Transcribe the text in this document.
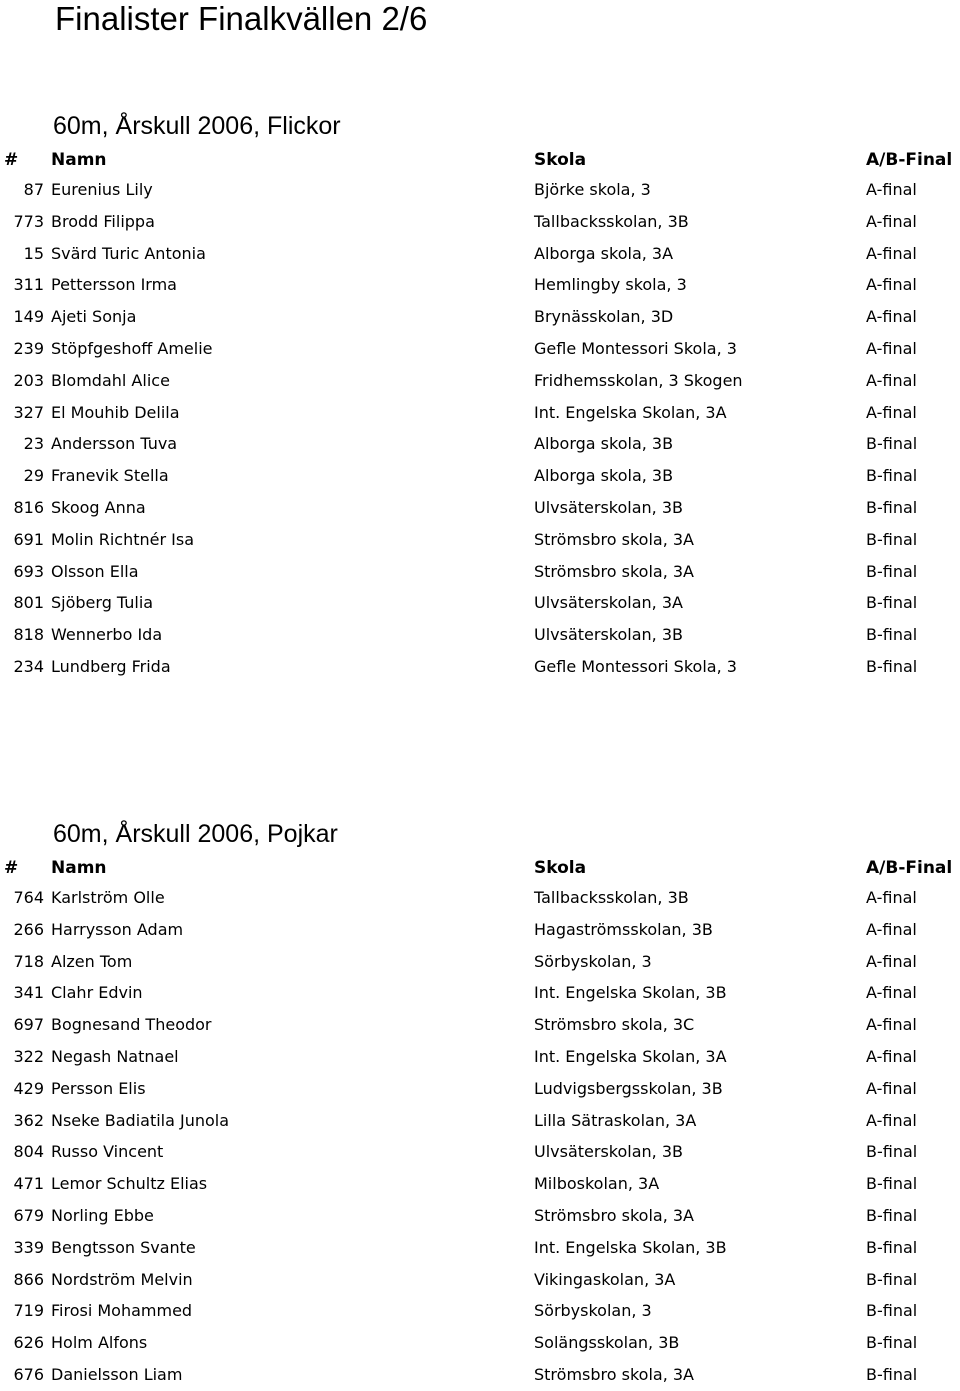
Finalister Finalkvällen 2/6
60m, Årskull 2006, Flickor
# Namn	Skola	A/B-Final
87 Eurenius Lily	Björke skola, 3	A-final
773 Brodd Filippa	Tallbacksskolan, 3B	A-final
15 Svärd Turic Antonia	Alborga skola, 3A	A-final
311 Pettersson Irma	Hemlingby skola, 3	A-final
149 Ajeti Sonja	Brynässkolan, 3D	A-final
239 Stöpfgeshoff Amelie	Gefle Montessori Skola, 3	A-final
203 Blomdahl Alice	Fridhemsskolan, 3 Skogen	A-final
327 El Mouhib Delila	Int. Engelska Skolan, 3A	A-final
23 Andersson Tuva	Alborga skola, 3B	B-final
29 Franevik Stella	Alborga skola, 3B	B-final
816 Skoog Anna	Ulvsäterskolan, 3B	B-final
691 Molin Richtnér Isa	Strömsbro skola, 3A	B-final
693 Olsson Ella	Strömsbro skola, 3A	B-final
801 Sjöberg Tulia	Ulvsäterskolan, 3A	B-final
818 Wennerbo Ida	Ulvsäterskolan, 3B	B-final
234 Lundberg Frida	Gefle Montessori Skola, 3	B-final
60m, Årskull 2006, Pojkar
# Namn	Skola	A/B-Final
764 Karlström Olle	Tallbacksskolan, 3B	A-final
266 Harrysson Adam	Hagaströmsskolan, 3B	A-final
718 Alzen Tom	Sörbyskolan, 3	A-final
341 Clahr Edvin	Int. Engelska Skolan, 3B	A-final
697 Bognesand Theodor	Strömsbro skola, 3C	A-final
322 Negash Natnael	Int. Engelska Skolan, 3A	A-final
429 Persson Elis	Ludvigsbergsskolan, 3B	A-final
362 Nseke Badiatila Junola	Lilla Sätraskolan, 3A	A-final
804 Russo Vincent	Ulvsäterskolan, 3B	B-final
471 Lemor Schultz Elias	Milboskolan, 3A	B-final
679 Norling Ebbe	Strömsbro skola, 3A	B-final
339 Bengtsson Svante	Int. Engelska Skolan, 3B	B-final
866 Nordström Melvin	Vikingaskolan, 3A	B-final
719 Firosi Mohammed	Sörbyskolan, 3	B-final
626 Holm Alfons	Solängsskolan, 3B	B-final
676 Danielsson Liam	Strömsbro skola, 3A	B-final
